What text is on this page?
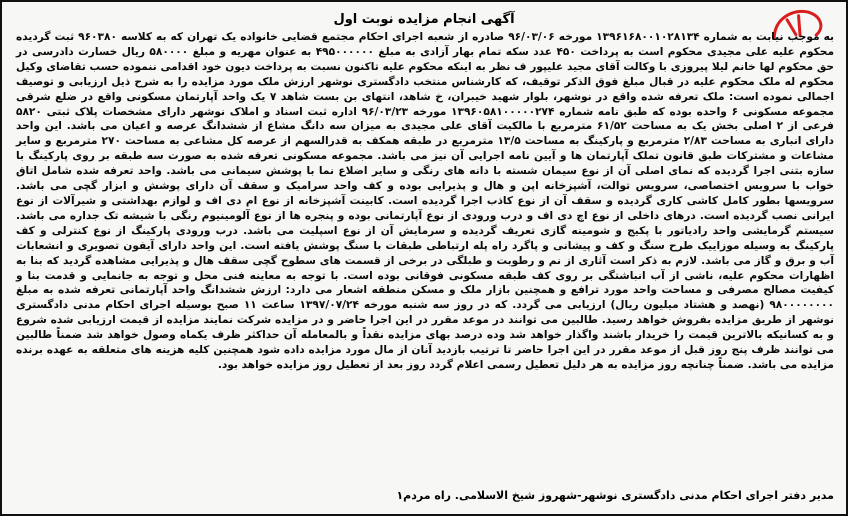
آگهی انجام مزایده نوبت اول

به موجب نیابت به شماره ۱۳۹۶۱۶۸۰۰۱۰۲۸۱۳۴ مورخه ۹۶/۰۳/۰۶ صادره از شعبه اجرای احکام مجتمع قضایی خانواده یک تهران که به کلاسه ۹۶۰۳۸۰ ثبت گردیده محکوم علیه علی مجیدی محکوم است به پرداخت ۴۵۰ عدد سکه تمام بهار آزادی به مبلغ ۴۹۵۰۰۰۰۰۰ به عنوان مهریه و مبلغ ۵۸۰۰۰۰ ریال خسارت دادرسی در حق محکوم لها خانم لیلا پیروزی با وکالت آقای مجید علیپور ف نظر به اینکه محکوم علیه تاکنون نسبت به پرداخت دیون خود اقدامی ننموده حسب تقاضای وکیل محکوم له ملک محکوم علیه در قبال مبلغ فوق الذکر توقیف، که کارشناس منتخب دادگستری نوشهر ارزش ملک مورد مزایده را به شرح ذیل ارزیابی و توصیف اجمالی نموده است: ملک تعرفه شده واقع در نوشهر، بلوار شهید خیبران، خ شاهد، انتهای بن بست شاهد ۷ یک واحد آپارتمان مسکونی واقع در ضلع شرقی مجموعه مسکونی ۶ واحده بوده که طبق نامه شماره ۱۳۹۶۰۵۸۱۰۰۰۰۰۲۷۴ مورخه ۹۶/۰۳/۲۳ اداره ثبت اسناد و املاک نوشهر دارای مشخصات پلاک ثبتی ۵۸۲۰ فرعی از ۲ اصلی بخش یک به مساحت ۶۱/۵۲ مترمربع با مالکیت آقای علی مجیدی به میزان سه دانگ مشاع از ششدانگ عرصه و اعیان می باشد. این واحد دارای انباری به مساحت ۲/۸۳ مترمربع و پارکینگ به مساحت ۱۳/۵ مترمربع در طبقه همکف به قدرالسهم از عرصه کل مشاعی به مساحت ۲۷۰ مترمربع و سایر مشاعات و مشترکات طبق قانون تملک آپارتمان ها و آیین نامه اجرایی آن نیز می باشد. مجموعه مسکونی تعرفه شده به صورت سه طبقه بر روی پارکینگ با سازه بتنی اجرا گردیده که نمای اصلی آن از نوع سیمان شسته با دانه های رنگی و سایر اضلاع نما با پوشش سیمانی می باشد. واحد تعرفه شده شامل اتاق خواب با سرویس اختصاصی، سرویس توالت، آشپزخانه اپن و هال و پذیرایی بوده و کف واحد سرامیک و سقف آن دارای پوشش و ابزار گچی می باشد. سرویسها بطور کامل کاشی کاری گردیده و سقف آن از نوع کاذب اجرا گردیده است. کابینت آشپزخانه از نوع ام دی اف و لوازم بهداشتی و شیرآلات از نوع ایرانی نصب گردیده است. درهای داخلی از نوع اچ دی اف و درب ورودی از نوع آپارتمانی بوده و پنجره ها از نوع آلومینیوم رنگی با شیشه تک جداره می باشد. سیستم گرمایشی واحد رادیاتور با پکیج و شومینه گازی تعریف گردیده و سرمایش آن از نوع اسپلیت می باشد. درب ورودی پارکینگ از نوع کنترلی و کف پارکینگ به وسیله موزاییک طرح سنگ و کف و پیشانی و پاگرد راه پله ارتباطی طبقات با سنگ پوشش یافته است. این واحد دارای آیفون تصویری و انشعابات آب و برق و گاز می باشد. لازم به ذکر است آثاری از نم و رطوبت و طبلگی در برخی از قسمت های سطوح گچی سقف هال و پذیرایی مشاهده گردید که بنا به اظهارات محکوم علیه، ناشی از آب انباشتگی بر روی کف طبقه مسکونی فوقانی بوده است. با توجه به معاینه فنی محل و توجه به جانمایی و قدمت بنا و کیفیت مصالح مصرفی و مساحت واحد مورد ترافع و همچنین بازار ملک و مسکن منطقه اشعار می دارد: ارزش ششدانگ واحد آپارتمانی تعرفه شده به مبلغ ۹۸۰۰۰۰۰۰۰۰ (نهصد و هشتاد میلیون ریال) ارزیابی می گردد. که در روز سه شنبه مورخه ۱۳۹۷/۰۷/۲۴ ساعت ۱۱ صبح بوسیله اجرای احکام مدنی دادگستری نوشهر از طریق مزایده بفروش خواهد رسید. طالبین می توانند در موعد مقرر در این اجرا حاضر و در مزایده شرکت نمایند مزایده از قیمت ارزیابی شده شروع و به کسانیکه بالاترین قیمت را خریدار باشند واگذار خواهد شد وده درصد بهای مزایده نقداً و بالمعامله آن حداکثر ظرف یکماه وصول خواهد شد ضمناً طالبین می توانند ظرف پنج روز قبل از موعد مقرر در این اجرا حاضر تا ترتیب بازدید آنان از مال مورد مزایده داده شود همچنین کلیه هزینه های متعلقه به عهده برنده مزایده می باشد. ضمناً چنانچه روز مزایده به هر دلیل تعطیل رسمی اعلام گردد روز بعد از تعطیل روز مزایده خواهد بود.

مدیر دفتر اجرای احکام مدنی دادگستری نوشهر-شهروز شیخ الاسلامی. راه مردم۱
